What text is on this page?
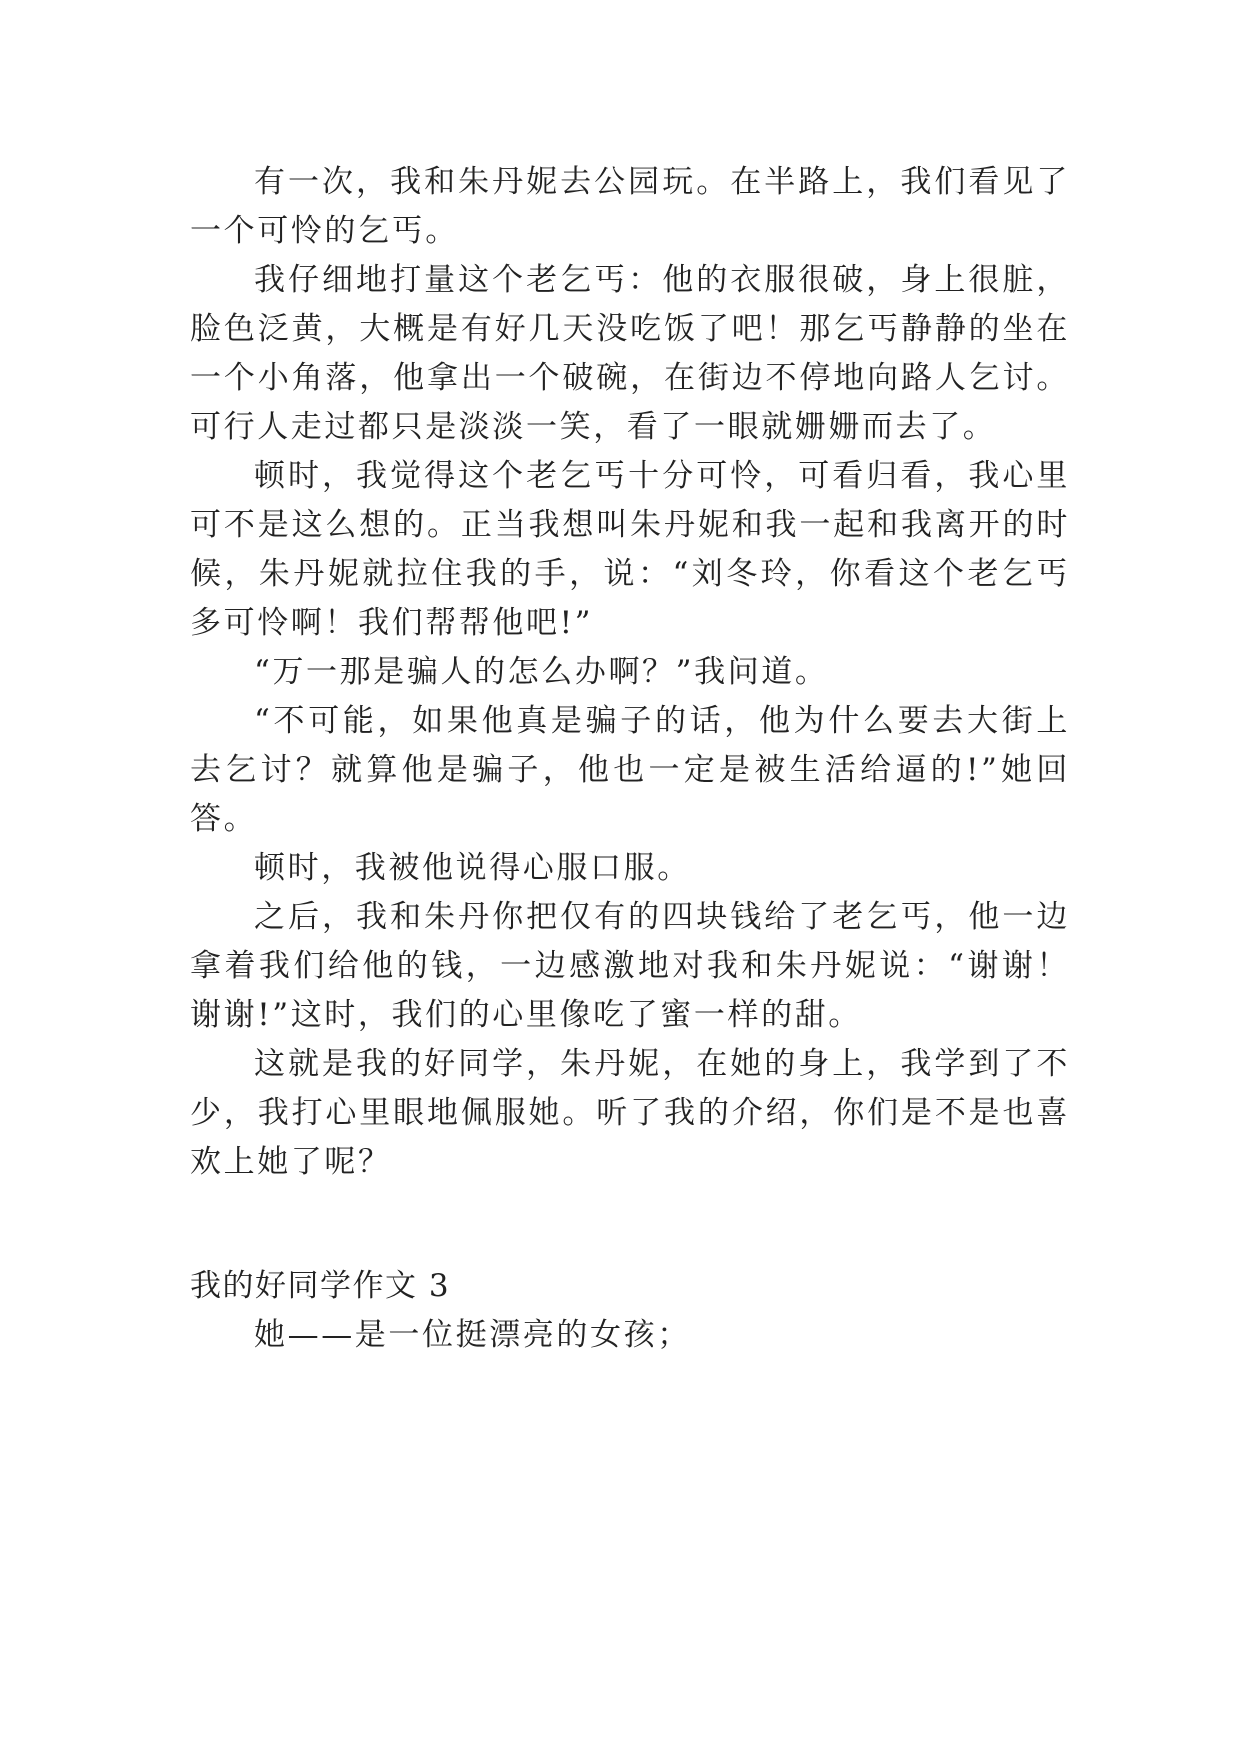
有一次，我和朱丹妮去公园玩。在半路上，我们看见了一个可怜的乞丐。

我仔细地打量这个老乞丐：他的衣服很破，身上很脏，脸色泛黄，大概是有好几天没吃饭了吧！那乞丐静静的坐在一个小角落，他拿出一个破碗，在街边不停地向路人乞讨。可行人走过都只是淡淡一笑，看了一眼就姗姗而去了。

顿时，我觉得这个老乞丐十分可怜，可看归看，我心里可不是这么想的。正当我想叫朱丹妮和我一起和我离开的时候，朱丹妮就拉住我的手，说：“刘冬玲，你看这个老乞丐多可怜啊！我们帮帮他吧!”

“万一那是骗人的怎么办啊？”我问道。

“不可能，如果他真是骗子的话，他为什么要去大街上去乞讨？就算他是骗子，他也一定是被生活给逼的!”她回答。

顿时，我被他说得心服口服。

之后，我和朱丹你把仅有的四块钱给了老乞丐，他一边拿着我们给他的钱，一边感激地对我和朱丹妮说：“谢谢！谢谢!”这时，我们的心里像吃了蜜一样的甜。

这就是我的好同学，朱丹妮，在她的身上，我学到了不少，我打心里眼地佩服她。听了我的介绍，你们是不是也喜欢上她了呢？

我的好同学作文 3

她——是一位挺漂亮的女孩；
